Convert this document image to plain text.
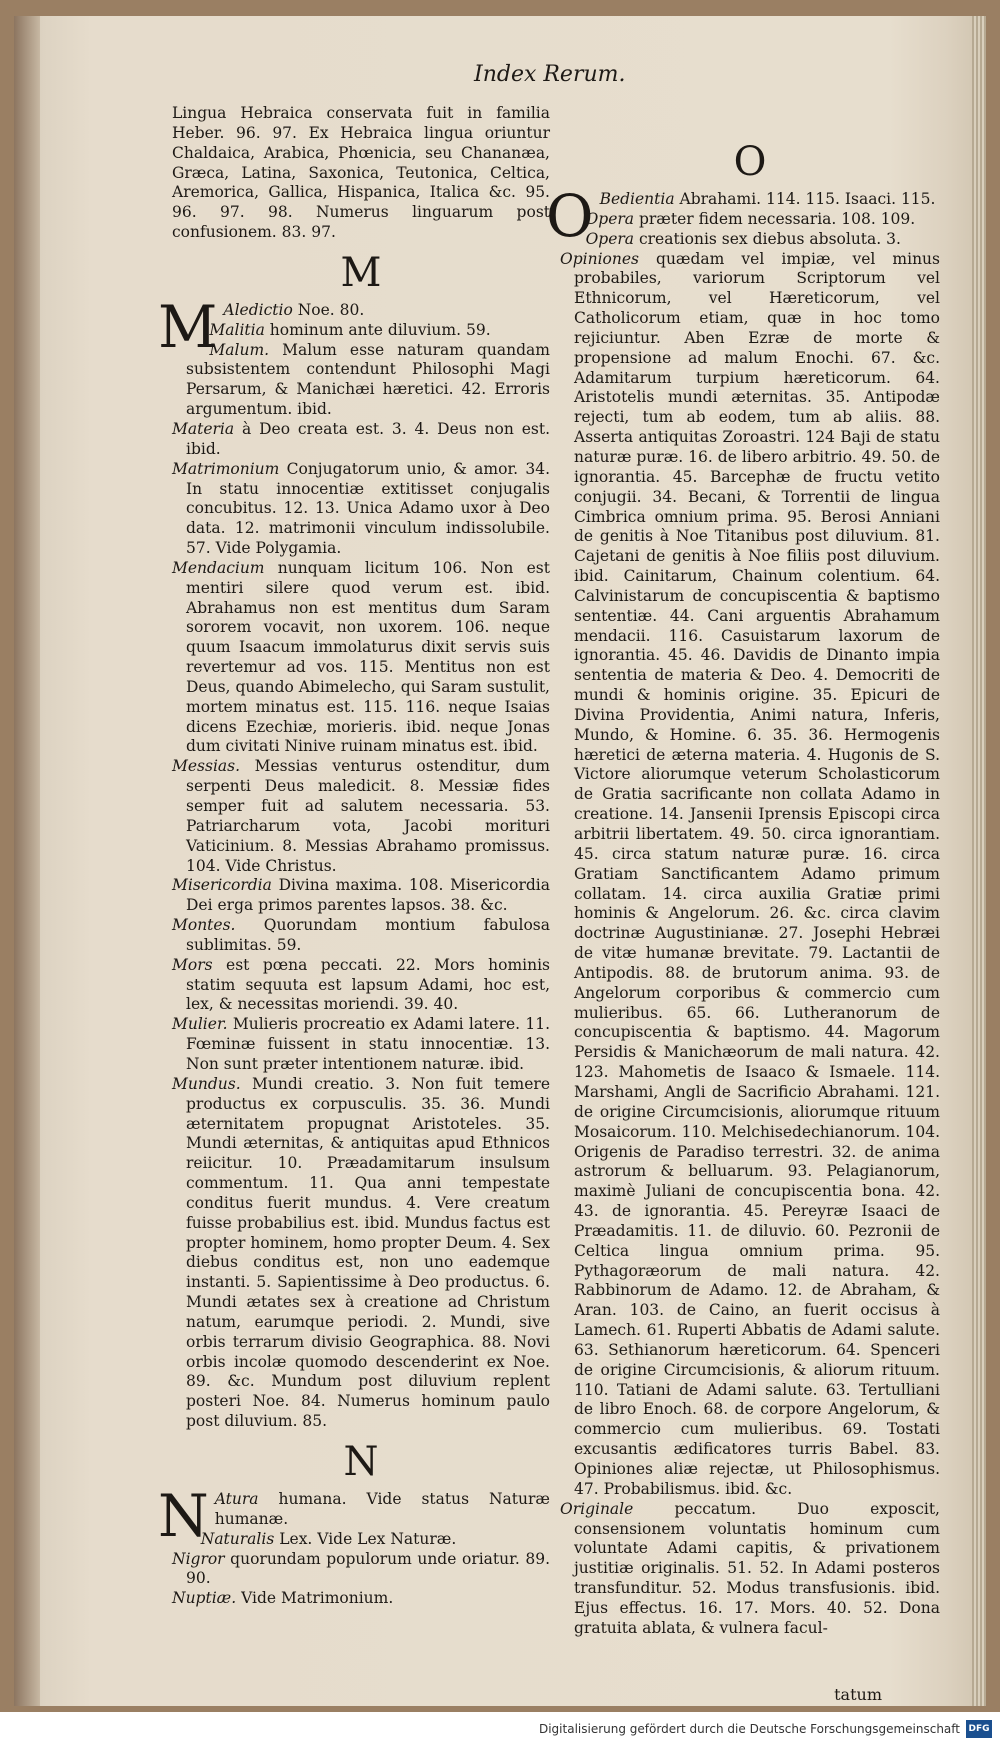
Index Rerum.

Lingua Hebraica conservata fuit in familia Heber. 96. 97. Ex Hebraica lingua oriuntur Chaldaica, Arabica, Phœnicia, seu Chananæa, Græca, Latina, Saxonica, Teutonica, Celtica, Aremorica, Gallica, Hispanica, Italica &c. 95. 96. 97. 98. Numerus linguarum post confusionem. 83. 97.

M

M Aledictio Noe. 80.

Malitia hominum ante diluvium. 59.

Malum. Malum esse naturam quandam subsistentem contendunt Philosophi Magi Persarum, & Manichæi hæretici. 42. Erroris argumentum. ibid.

Materia à Deo creata est. 3. 4. Deus non est. ibid.

Matrimonium Conjugatorum unio, & amor. 34. In statu innocentiæ extitisset conjugalis concubitus. 12. 13. Unica Adamo uxor à Deo data. 12. matrimonii vinculum indissolubile. 57. Vide Polygamia.

Mendacium nunquam licitum 106. Non est mentiri silere quod verum est. ibid. Abrahamus non est mentitus dum Saram sororem vocavit, non uxorem. 106. neque quum Isaacum immolaturus dixit servis suis revertemur ad vos. 115. Mentitus non est Deus, quando Abimelecho, qui Saram sustulit, mortem minatus est. 115. 116. neque Isaias dicens Ezechiæ, morieris. ibid. neque Jonas dum civitati Ninive ruinam minatus est. ibid.

Messias. Messias venturus ostenditur, dum serpenti Deus maledicit. 8. Messiæ fides semper fuit ad salutem necessaria. 53. Patriarcharum vota, Jacobi morituri Vaticinium. 8. Messias Abrahamo promissus. 104. Vide Christus.

Misericordia Divina maxima. 108. Misericordia Dei erga primos parentes lapsos. 38. &c.

Montes. Quorundam montium fabulosa sublimitas. 59.

Mors est pœna peccati. 22. Mors hominis statim sequuta est lapsum Adami, hoc est, lex, & necessitas moriendi. 39. 40.

Mulier. Mulieris procreatio ex Adami latere. 11. Fœminæ fuissent in statu innocentiæ. 13. Non sunt præter intentionem naturæ. ibid.

Mundus. Mundi creatio. 3. Non fuit temere productus ex corpusculis. 35. 36. Mundi æternitatem propugnat Aristoteles. 35. Mundi æternitas, & antiquitas apud Ethnicos reiicitur. 10. Præadamitarum insulsum commentum. 11. Qua anni tempestate conditus fuerit mundus. 4. Vere creatum fuisse probabilius est. ibid. Mundus factus est propter hominem, homo propter Deum. 4. Sex diebus conditus est, non uno eademque instanti. 5. Sapientissime à Deo productus. 6. Mundi ætates sex à creatione ad Christum natum, earumque periodi. 2. Mundi, sive orbis terrarum divisio Geographica. 88. Novi orbis incolæ quomodo descenderint ex Noe. 89. &c. Mundum post diluvium replent posteri Noe. 84. Numerus hominum paulo post diluvium. 85.

N

N Atura humana. Vide status Naturæ humanæ.

Naturalis Lex. Vide Lex Naturæ.

Nigror quorundam populorum unde oriatur. 89. 90.

Nuptiæ. Vide Matrimonium.

O

O Bedientia Abrahami. 114. 115. Isaaci. 115.

Opera præter fidem necessaria. 108. 109.

Opera creationis sex diebus absoluta. 3.

Opiniones quædam vel impiæ, vel minus probabiles, variorum Scriptorum vel Ethnicorum, vel Hæreticorum, vel Catholicorum etiam, quæ in hoc tomo rejiciuntur. Aben Ezræ de morte & propensione ad malum Enochi. 67. &c. Adamitarum turpium hæreticorum. 64. Aristotelis mundi æternitas. 35. Antipodæ rejecti, tum ab eodem, tum ab aliis. 88. Asserta antiquitas Zoroastri. 124 Baji de statu naturæ puræ. 16. de libero arbitrio. 49. 50. de ignorantia. 45. Barcephæ de fructu vetito conjugii. 34. Becani, & Torrentii de lingua Cimbrica omnium prima. 95. Berosi Anniani de genitis à Noe Titanibus post diluvium. 81. Cajetani de genitis à Noe filiis post diluvium. ibid. Cainitarum, Chainum colentium. 64. Calvinistarum de concupiscentia & baptismo sententiæ. 44. Cani arguentis Abrahamum mendacii. 116. Casuistarum laxorum de ignorantia. 45. 46. Davidis de Dinanto impia sententia de materia & Deo. 4. Democriti de mundi & hominis origine. 35. Epicuri de Divina Providentia, Animi natura, Inferis, Mundo, & Homine. 6. 35. 36. Hermogenis hæretici de æterna materia. 4. Hugonis de S. Victore aliorumque veterum Scholasticorum de Gratia sacrificante non collata Adamo in creatione. 14. Jansenii Iprensis Episcopi circa arbitrii libertatem. 49. 50. circa ignorantiam. 45. circa statum naturæ puræ. 16. circa Gratiam Sanctificantem Adamo primum collatam. 14. circa auxilia Gratiæ primi hominis & Angelorum. 26. &c. circa clavim doctrinæ Augustinianæ. 27. Josephi Hebræi de vitæ humanæ brevitate. 79. Lactantii de Antipodis. 88. de brutorum anima. 93. de Angelorum corporibus & commercio cum mulieribus. 65. 66. Lutheranorum de concupiscentia & baptismo. 44. Magorum Persidis & Manichæorum de mali natura. 42. 123. Mahometis de Isaaco & Ismaele. 114. Marshami, Angli de Sacrificio Abrahami. 121. de origine Circumcisionis, aliorumque rituum Mosaicorum. 110. Melchisedechianorum. 104. Origenis de Paradiso terrestri. 32. de anima astrorum & belluarum. 93. Pelagianorum, maximè Juliani de concupiscentia bona. 42. 43. de ignorantia. 45. Pereyræ Isaaci de Præadamitis. 11. de diluvio. 60. Pezronii de Celtica lingua omnium prima. 95. Pythagoræorum de mali natura. 42. Rabbinorum de Adamo. 12. de Abraham, & Aran. 103. de Caino, an fuerit occisus à Lamech. 61. Ruperti Abbatis de Adami salute. 63. Sethianorum hæreticorum. 64. Spenceri de origine Circumcisionis, & aliorum rituum. 110. Tatiani de Adami salute. 63. Tertulliani de libro Enoch. 68. de corpore Angelorum, & commercio cum mulieribus. 69. Tostati excusantis ædificatores turris Babel. 83. Opiniones aliæ rejectæ, ut Philosophismus. 47. Probabilismus. ibid. &c.

Originale peccatum. Duo exposcit, consensionem voluntatis hominum cum voluntate Adami capitis, & privationem justitiæ originalis. 51. 52. In Adami posteros transfunditur. 52. Modus transfusionis. ibid. Ejus effectus. 16. 17. Mors. 40. 52. Dona gratuita ablata, & vulnera facul-

tatum
Digitalisierung gefördert durch die Deutsche Forschungsgemeinschaft DFG
